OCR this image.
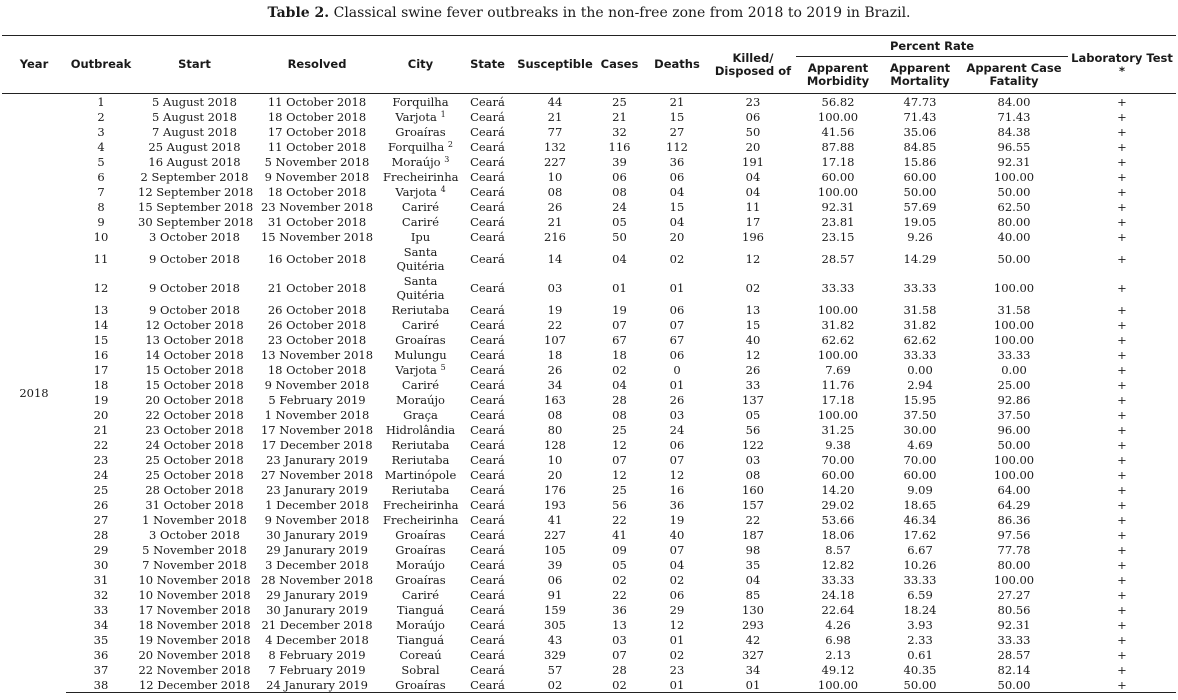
Table 2. Classical swine fever outbreaks in the non-free zone from 2018 to 2019 in Brazil.
Year	Outbreak	Start	Resolved	City	State	Susceptible	Cases	Deaths	Killed/ Disposed of	Percent Rate			Laboratory Test *
										Apparent Morbidity	Apparent Mortality	Apparent Case Fatality	
2018	1	5 August 2018	11 October 2018	Forquilha	Ceará	44	25	21	23	56.82	47.73	84.00	+
	2	5 August 2018	18 October 2018	Varjota $^1$	Ceará	21	21	15	06	100.00	71.43	71.43	+
	3	7 August 2018	17 October 2018	Groaíras	Ceará	77	32	27	50	41.56	35.06	84.38	+
	4	25 August 2018	11 October 2018	Forquilha $^2$	Ceará	132	116	112	20	87.88	84.85	96.55	+
	5	16 August 2018	5 November 2018	Moraújo $^3$	Ceará	227	39	36	191	17.18	15.86	92.31	+
	6	2 September 2018	9 November 2018	Frecheirinha	Ceará	10	06	06	04	60.00	60.00	100.00	+
	7	12 September 2018	18 October 2018	Varjota $^4$	Ceará	08	08	04	04	100.00	50.00	50.00	+
	8	15 September 2018	23 November 2018	Cariré	Ceará	26	24	15	11	92.31	57.69	62.50	+
	9	30 September 2018	31 October 2018	Cariré	Ceará	21	05	04	17	23.81	19.05	80.00	+
	10	3 October 2018	15 November 2018	Ipu	Ceará	216	50	20	196	23.15	9.26	40.00	+
	11	9 October 2018	16 October 2018	Santa Quitéria	Ceará	14	04	02	12	28.57	14.29	50.00	+
	12	9 October 2018	21 October 2018	Santa Quitéria	Ceará	03	01	01	02	33.33	33.33	100.00	+
	13	9 October 2018	26 October 2018	Reriutaba	Ceará	19	19	06	13	100.00	31.58	31.58	+
	14	12 October 2018	26 October 2018	Cariré	Ceará	22	07	07	15	31.82	31.82	100.00	+
	15	13 October 2018	23 October 2018	Groaíras	Ceará	107	67	67	40	62.62	62.62	100.00	+
	16	14 October 2018	13 November 2018	Mulungu	Ceará	18	18	06	12	100.00	33.33	33.33	+
	17	15 October 2018	18 October 2018	Varjota $^5$	Ceará	26	02	0	26	7.69	0.00	0.00	+
	18	15 October 2018	9 November 2018	Cariré	Ceará	34	04	01	33	11.76	2.94	25.00	+
	19	20 October 2018	5 February 2019	Moraújo	Ceará	163	28	26	137	17.18	15.95	92.86	+
	20	22 October 2018	1 November 2018	Graça	Ceará	08	08	03	05	100.00	37.50	37.50	+
	21	23 October 2018	17 November 2018	Hidrolândia	Ceará	80	25	24	56	31.25	30.00	96.00	+
	22	24 October 2018	17 December 2018	Reriutaba	Ceará	128	12	06	122	9.38	4.69	50.00	+
	23	25 October 2018	23 Janurary 2019	Reriutaba	Ceará	10	07	07	03	70.00	70.00	100.00	+
	24	25 October 2018	27 November 2018	Martinópole	Ceará	20	12	12	08	60.00	60.00	100.00	+
	25	28 October 2018	23 Janurary 2019	Reriutaba	Ceará	176	25	16	160	14.20	9.09	64.00	+
	26	31 October 2018	1 December 2018	Frecheirinha	Ceará	193	56	36	157	29.02	18.65	64.29	+
	27	1 November 2018	9 November 2018	Frecheirinha	Ceará	41	22	19	22	53.66	46.34	86.36	+
	28	3 October 2018	30 Janurary 2019	Groaíras	Ceará	227	41	40	187	18.06	17.62	97.56	+
	29	5 November 2018	29 Janurary 2019	Groaíras	Ceará	105	09	07	98	8.57	6.67	77.78	+
	30	7 November 2018	3 December 2018	Moraújo	Ceará	39	05	04	35	12.82	10.26	80.00	+
	31	10 November 2018	28 November 2018	Groaíras	Ceará	06	02	02	04	33.33	33.33	100.00	+
	32	10 November 2018	29 Janurary 2019	Cariré	Ceará	91	22	06	85	24.18	6.59	27.27	+
	33	17 November 2018	30 Janurary 2019	Tianguá	Ceará	159	36	29	130	22.64	18.24	80.56	+
	34	18 November 2018	21 December 2018	Moraújo	Ceará	305	13	12	293	4.26	3.93	92.31	+
	35	19 November 2018	4 December 2018	Tianguá	Ceará	43	03	01	42	6.98	2.33	33.33	+
	36	20 November 2018	8 February 2019	Coreaú	Ceará	329	07	02	327	2.13	0.61	28.57	+
	37	22 November 2018	7 February 2019	Sobral	Ceará	57	28	23	34	49.12	40.35	82.14	+
	38	12 December 2018	24 Janurary 2019	Groaíras	Ceará	02	02	01	01	100.00	50.00	50.00	+
